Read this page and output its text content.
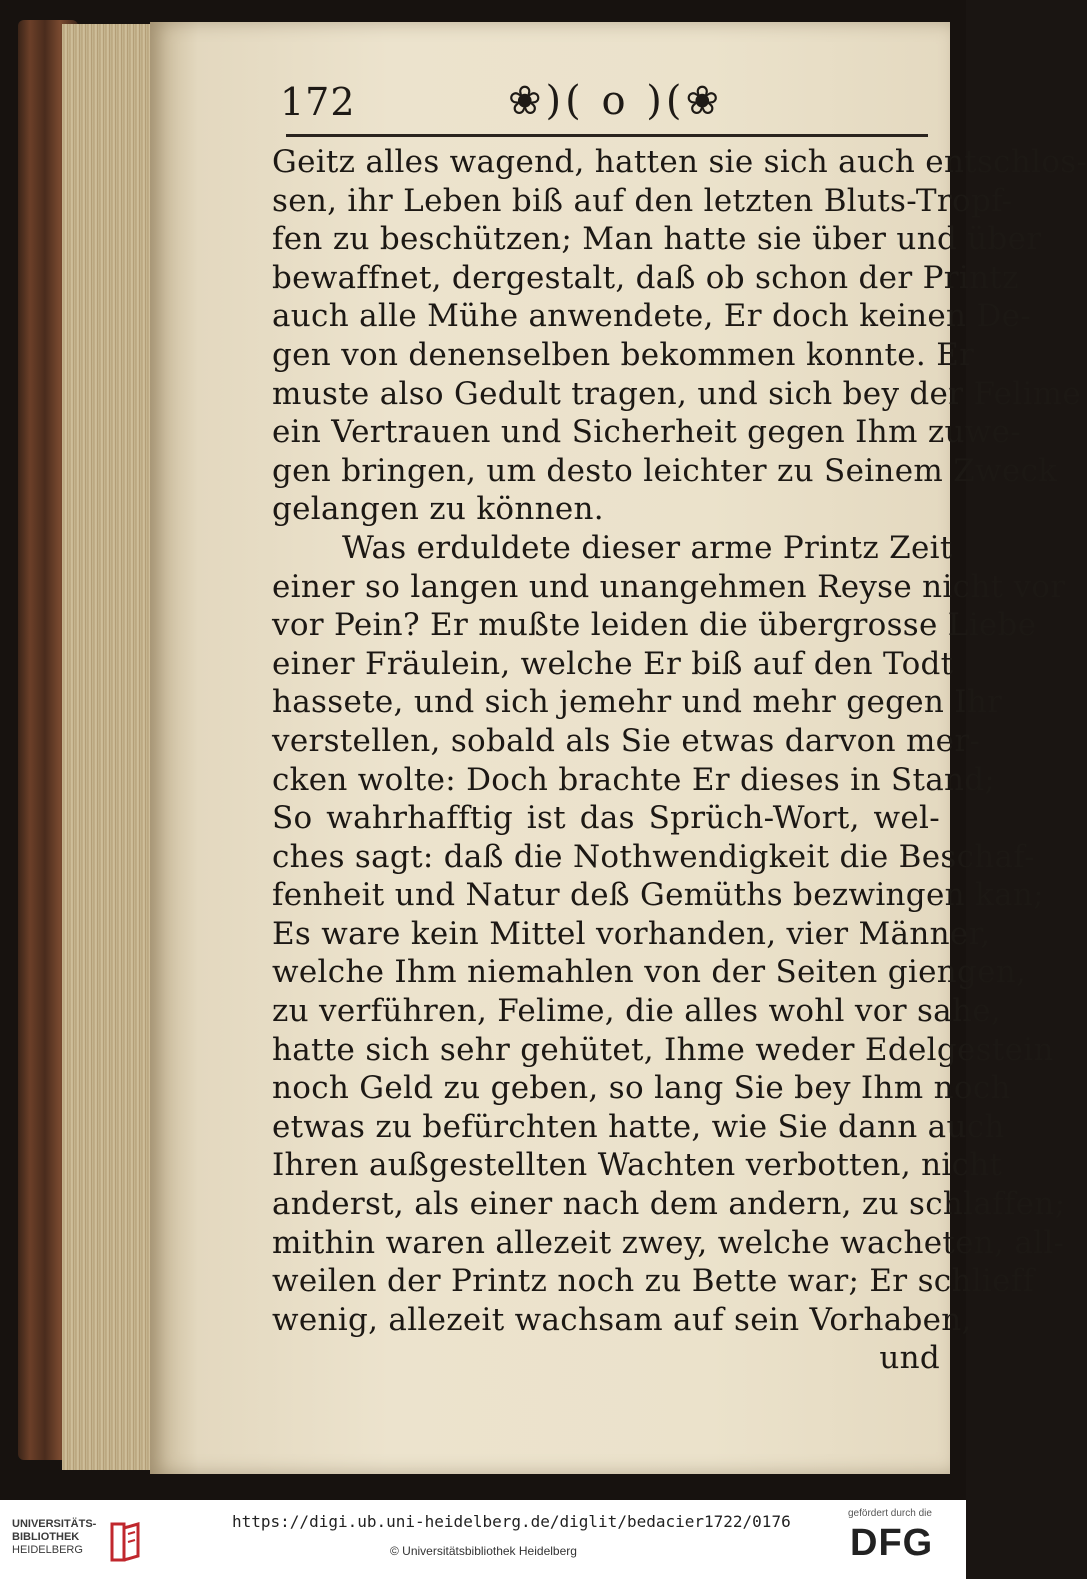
172	❀)( o )(❀
Geitz alles wagend, hatten sie sich auch entschlos-
sen, ihr Leben biß auf den letzten Bluts-Tropf-
fen zu beschützen; Man hatte sie über und über
bewaffnet, dergestalt, daß ob schon der Printz
auch alle Mühe anwendete, Er doch keinen De-
gen von denenselben bekommen konnte. Er
muste also Gedult tragen, und sich bey der Felime
ein Vertrauen und Sicherheit gegen Ihm zuwe-
gen bringen, um desto leichter zu Seinem Zweck
gelangen zu können.
Was erduldete dieser arme Printz Zeit
einer so langen und unangehmen Reyse nicht vor
vor Pein? Er mußte leiden die übergrosse Liebe
einer Fräulein, welche Er biß auf den Todt
hassete, und sich jemehr und mehr gegen Ihr
verstellen, sobald als Sie etwas darvon mer-
cken wolte: Doch brachte Er dieses in Stand;
So wahrhafftig ist das Sprüch-Wort, wel-
ches sagt: daß die Nothwendigkeit die Beschaf-
fenheit und Natur deß Gemüths bezwingen kan;
Es ware kein Mittel vorhanden, vier Männer,
welche Ihm niemahlen von der Seiten giengen,
zu verführen, Felime, die alles wohl vor sahe,
hatte sich sehr gehütet, Ihme weder Edelgestein
noch Geld zu geben, so lang Sie bey Ihm noch
etwas zu befürchten hatte, wie Sie dann auch
Ihren außgestellten Wachten verbotten, nicht
anderst, als einer nach dem andern, zu schlaffen;
mithin waren allezeit zwey, welche wacheten, all-
weilen der Printz noch zu Bette war; Er schlieff
wenig, allezeit wachsam auf sein Vorhaben,
und
UNIVERSITÄTS-
BIBLIOTHEK
HEIDELBERG
https://digi.ub.uni-heidelberg.de/diglit/bedacier1722/0176
© Universitätsbibliothek Heidelberg
gefördert durch die
DFG
